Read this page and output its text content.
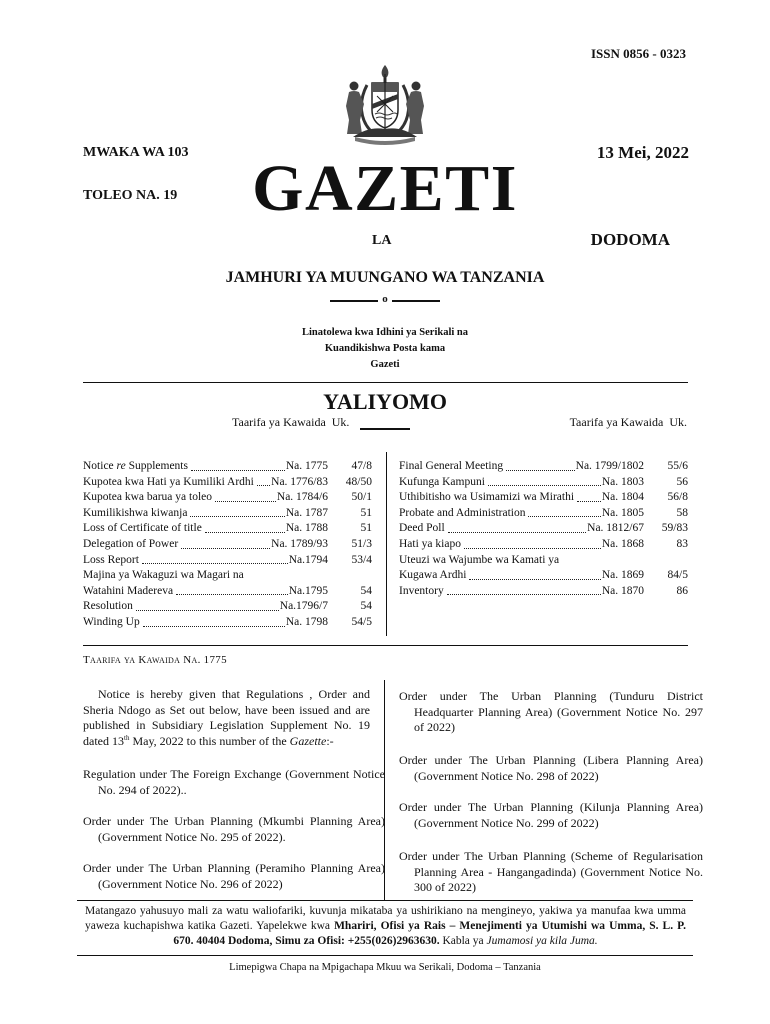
ISSN 0856 - 0323
MWAKA WA 103	13 Mei, 2022
GAZETI
TOLEO NA. 19
LA	DODOMA
JAMHURI YA MUUNGANO WA TANZANIA
o
Linatolewa kwa Idhini ya Serikali na
Kuandikishwa Posta kama
Gazeti
YALIYOMO
Taarifa ya Kawaida  Uk.	Taarifa ya Kawaida  Uk.
Notice re Supplements	Na. 1775	47/8
Kupotea kwa Hati ya Kumiliki Ardhi Na. 1776/83	48/50
Kupotea kwa barua ya toleo	Na. 1784/6	50/1
Kumilikishwa kiwanja	Na. 1787	51
Loss of Certificate of title	Na. 1788	51
Delegation of Power	Na. 1789/93	51/3
Loss Report	Na.1794	53/4
Majina ya Wakaguzi wa Magari na
Watahini Madereva	Na.1795	54
Resolution	Na.1796/7	54
Winding Up	Na. 1798	54/5
Final General Meeting	Na. 1799/1802	55/6
Kufunga Kampuni	Na. 1803	56
Uthibitisho wa Usimamizi wa Mirathi Na. 1804	56/8
Probate and Administration	Na. 1805	58
Deed Poll	Na. 1812/67	59/83
Hati ya kiapo	Na. 1868	83
Uteuzi wa Wajumbe wa Kamati ya
Kugawa Ardhi	Na. 1869	84/5
Inventory	Na. 1870	86
Taarifa ya Kawaida Na. 1775

Notice is hereby given that Regulations , Order and Sheria Ndogo as Set out below, have been issued and are published in Subsidiary Legislation Supplement No. 19 dated 13th May, 2022 to this number of the Gazette:-

Regulation under The Foreign Exchange (Government Notice No. 294 of 2022)..

Order under The Urban Planning (Mkumbi Planning Area) (Government Notice No. 295 of 2022).

Order under The Urban Planning (Peramiho Planning Area) (Government Notice No. 296 of 2022)

Order under The Urban Planning (Tunduru District Headquarter Planning Area) (Government Notice No. 297 of 2022)

Order under The Urban Planning (Libera Planning Area) (Government Notice No. 298 of 2022)

Order under The Urban Planning (Kilunja Planning Area) (Government Notice No. 299 of 2022)

Order under The Urban Planning (Scheme of Regularisation Planning Area - Hangangadinda) (Government Notice No. 300 of 2022)

Matangazo yahusuyo mali za watu waliofariki, kuvunja mikataba ya ushirikiano na mengineyo, yakiwa ya manufaa kwa umma yaweza kuchapishwa katika Gazeti. Yapelekwe kwa Mhariri, Ofisi ya Rais – Menejimenti ya Utumishi wa Umma, S. L. P. 670. 40404 Dodoma, Simu za Ofisi: +255(026)2963630. Kabla ya Jumamosi ya kila Juma.

Limepigwa Chapa na Mpigachapa Mkuu wa Serikali, Dodoma – Tanzania
